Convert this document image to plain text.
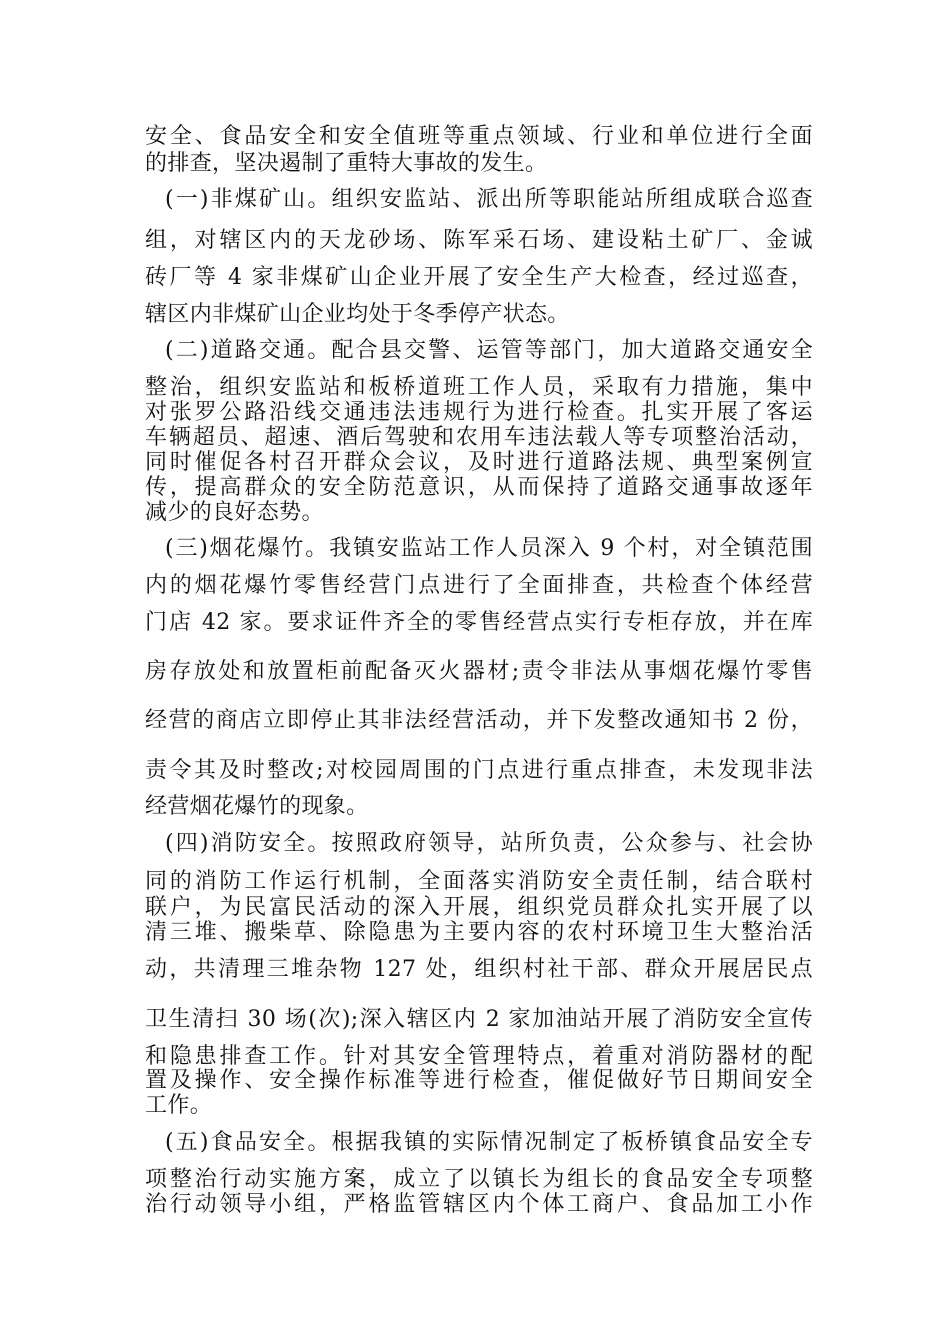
安全、食品安全和安全值班等重点领域、行业和单位进行全面
的排查，坚决遏制了重特大事故的发生。
(一)非煤矿山。组织安监站、派出所等职能站所组成联合巡查
组，对辖区内的天龙砂场、陈军采石场、建设粘土矿厂、金诚
砖厂等 4 家非煤矿山企业开展了安全生产大检查，经过巡查，
辖区内非煤矿山企业均处于冬季停产状态。
(二)道路交通。配合县交警、运管等部门，加大道路交通安全
整治，组织安监站和板桥道班工作人员，采取有力措施，集中
对张罗公路沿线交通违法违规行为进行检查。扎实开展了客运
车辆超员、超速、酒后驾驶和农用车违法载人等专项整治活动，
同时催促各村召开群众会议，及时进行道路法规、典型案例宣
传，提高群众的安全防范意识，从而保持了道路交通事故逐年
减少的良好态势。
(三)烟花爆竹。我镇安监站工作人员深入 9 个村，对全镇范围
内的烟花爆竹零售经营门点进行了全面排查，共检查个体经营
门店 42 家。要求证件齐全的零售经营点实行专柜存放，并在库
房存放处和放置柜前配备灭火器材;责令非法从事烟花爆竹零售
经营的商店立即停止其非法经营活动，并下发整改通知书 2 份，
责令其及时整改;对校园周围的门点进行重点排查，未发现非法
经营烟花爆竹的现象。
(四)消防安全。按照政府领导，站所负责，公众参与、社会协
同的消防工作运行机制，全面落实消防安全责任制，结合联村
联户，为民富民活动的深入开展，组织党员群众扎实开展了以
清三堆、搬柴草、除隐患为主要内容的农村环境卫生大整治活
动，共清理三堆杂物 127 处，组织村社干部、群众开展居民点
卫生清扫 30 场(次);深入辖区内 2 家加油站开展了消防安全宣传
和隐患排查工作。针对其安全管理特点，着重对消防器材的配
置及操作、安全操作标准等进行检查，催促做好节日期间安全
工作。
(五)食品安全。根据我镇的实际情况制定了板桥镇食品安全专
项整治行动实施方案，成立了以镇长为组长的食品安全专项整
治行动领导小组，严格监管辖区内个体工商户、食品加工小作
